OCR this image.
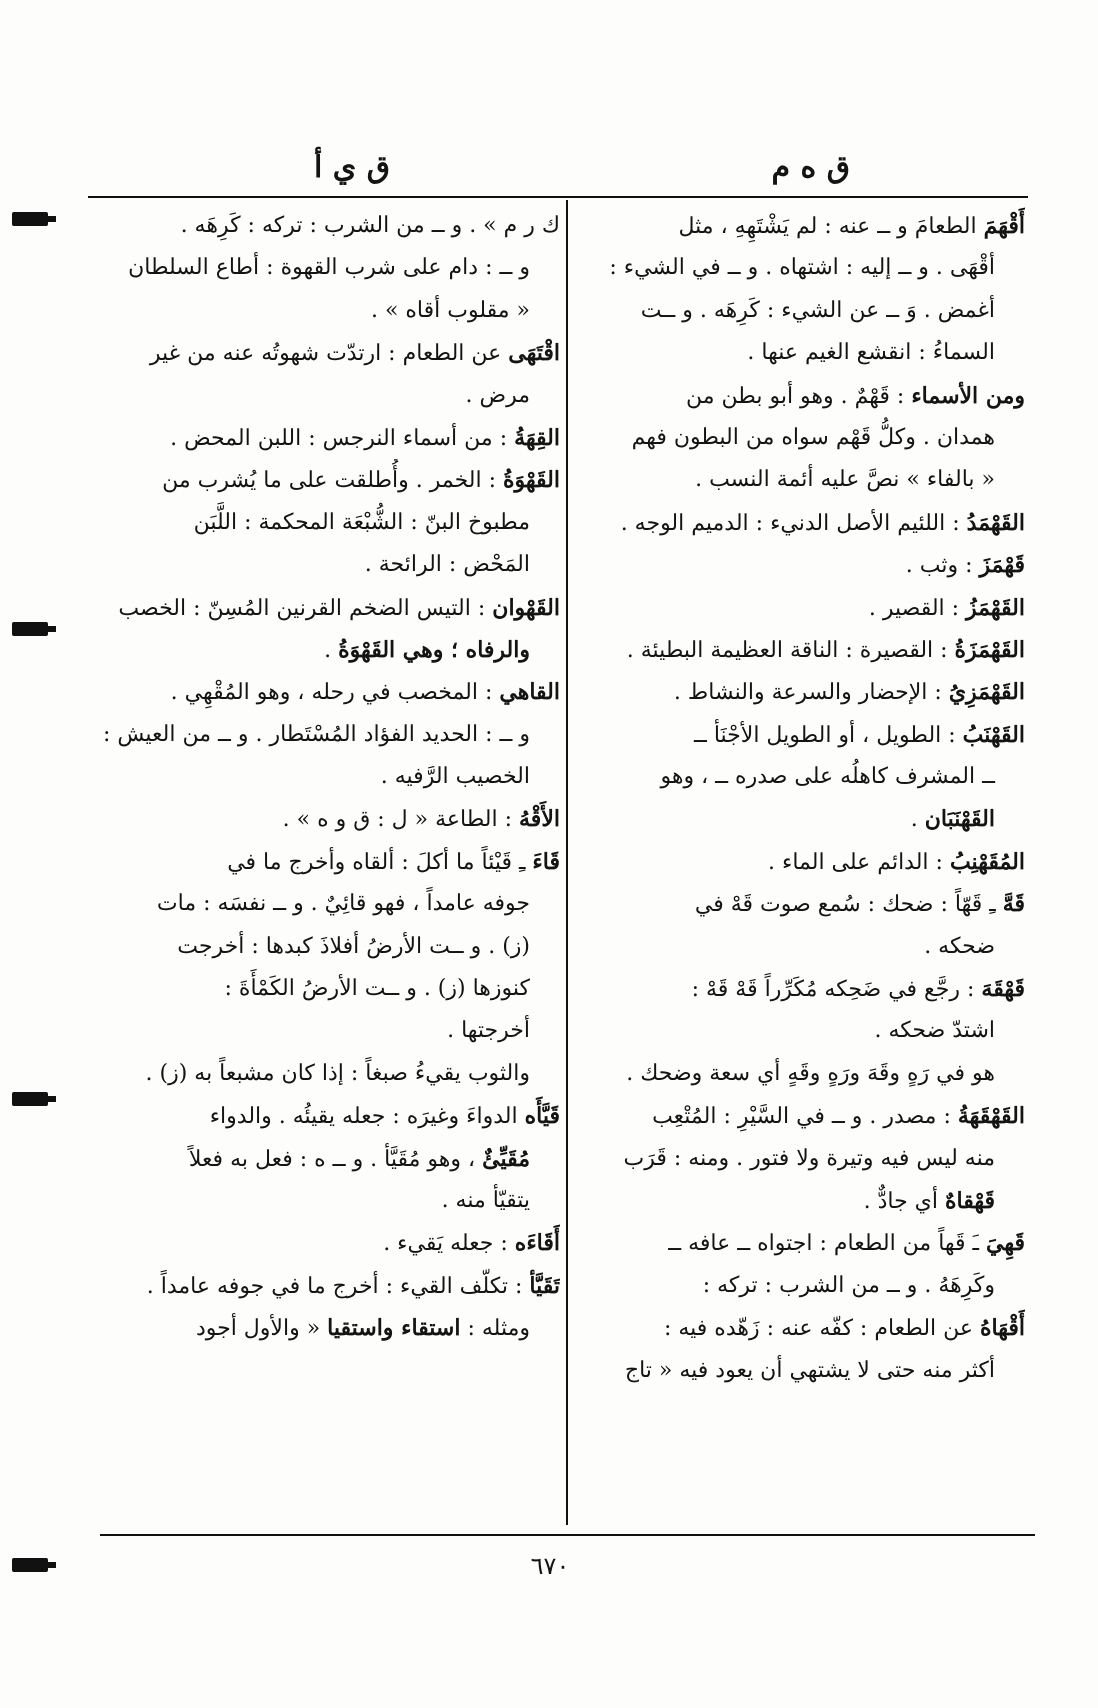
ق ه م
ق ي أ
أَقْهَمَ الطعامَ و ــ عنه : لم يَشْتَهِهِ ، مثل
أقْهَى . و ــ إليه : اشتهاه . و ــ في الشيء :
أغمض . وَ ــ عن الشيء : كَرِهَه . و ــت
السماءُ : انقشع الغيم عنها .
ومن الأسماء : قَهْمٌ . وهو أبو بطن من
همدان . وكلُّ قَهْم سواه من البطون فهم
« بالفاء » نصَّ عليه أئمة النسب .
القَهْمَدُ : اللئيم الأصل الدنيء : الدميم الوجه .
قَهْمَزَ : وثب .
القَهْمَزُ : القصير .
القَهْمَزَةُ : القصيرة : الناقة العظيمة البطيئة .
القَهْمَزِيُ : الإحضار والسرعة والنشاط .
القَهْنَبُ : الطويل ، أو الطويل الأجْنَأ ــ
ــ المشرف كاهلُه على صدره ــ ، وهو
القَهْنَبَان .
المُقَهْنِبُ : الدائم على الماء .
قَهَّ ـِ قَهّاً : ضحك : سُمع صوت قَهْ في
ضحكه .
قَهْقَهَ : رجَّع في ضَحِكه مُكَرِّراً قَهْ قَهْ :
اشتدّ ضحكه .
هو في رَهٍ وقَهَ ورَهٍ وقَهٍ أي سعة وضحك .
القَهْقَهَةُ : مصدر . و ــ في السَّيْرِ : المُتْعِب
منه ليس فيه وتيرة ولا فتور . ومنه : قَرَب
قَهْقاهٌ أي جادٌّ .
قَهِيَ ـَ قَهاً من الطعام : اجتواه ــ عافه ــ
وكَرِهَهُ . و ــ من الشرب : تركه :
أَقْهَاهُ عن الطعام : كفّه عنه : زَهّده فيه :
أكثر منه حتى لا يشتهي أن يعود فيه « تاج
ك ر م » . و ــ من الشرب : تركه : كَرِهَه .
و ــ : دام على شرب القهوة : أطاع السلطان
« مقلوب أقاه » .
اقْتَهَى عن الطعام : ارتدّت شهوتُه عنه من غير
مرض .
القِهَةُ : من أسماء النرجس : اللبن المحض .
القَهْوَةُ : الخمر . وأُطلقت على ما يُشرب من
مطبوخ البنّ : الشُّبْعَة المحكمة : اللَّبَن
المَحْض : الرائحة .
القَهْوان : التيس الضخم القرنين المُسِنّ : الخصب
والرفاه ؛ وهي القَهْوَةُ .
القاهي : المخصب في رحله ، وهو المُقْهِي .
و ــ : الحديد الفؤاد المُسْتَطار . و ــ من العيش :
الخصيب الرَّفيه .
الأَقْهُ : الطاعة « ل : ق و ه » .
قَاءَ ـِ قَيْئاً ما أكلَ : ألقاه وأخرج ما في
جوفه عامداً ، فهو قائِيٌ . و ــ نفسَه : مات
(ز) . و ــت الأرضُ أفلاذَ كبدها : أخرجت
كنوزها (ز) . و ــت الأرضُ الكَمْأَةَ :
أخرجتها .
والثوب يقيءُ صبغاً : إذا كان مشبعاً به (ز) .
قَيَّأَه الدواءَ وغيرَه : جعله يقيئُه . والدواء
مُقَيِّئٌ ، وهو مُقَيَّأ . و ــ ه : فعل به فعلاً
يتقيّأ منه .
أَقَاءَه : جعله يَقيء .
تَقَيَّأ : تكلّف القيء : أخرج ما في جوفه عامداً .
ومثله : استقاء واستقيا « والأول أجود
٦٧٠
